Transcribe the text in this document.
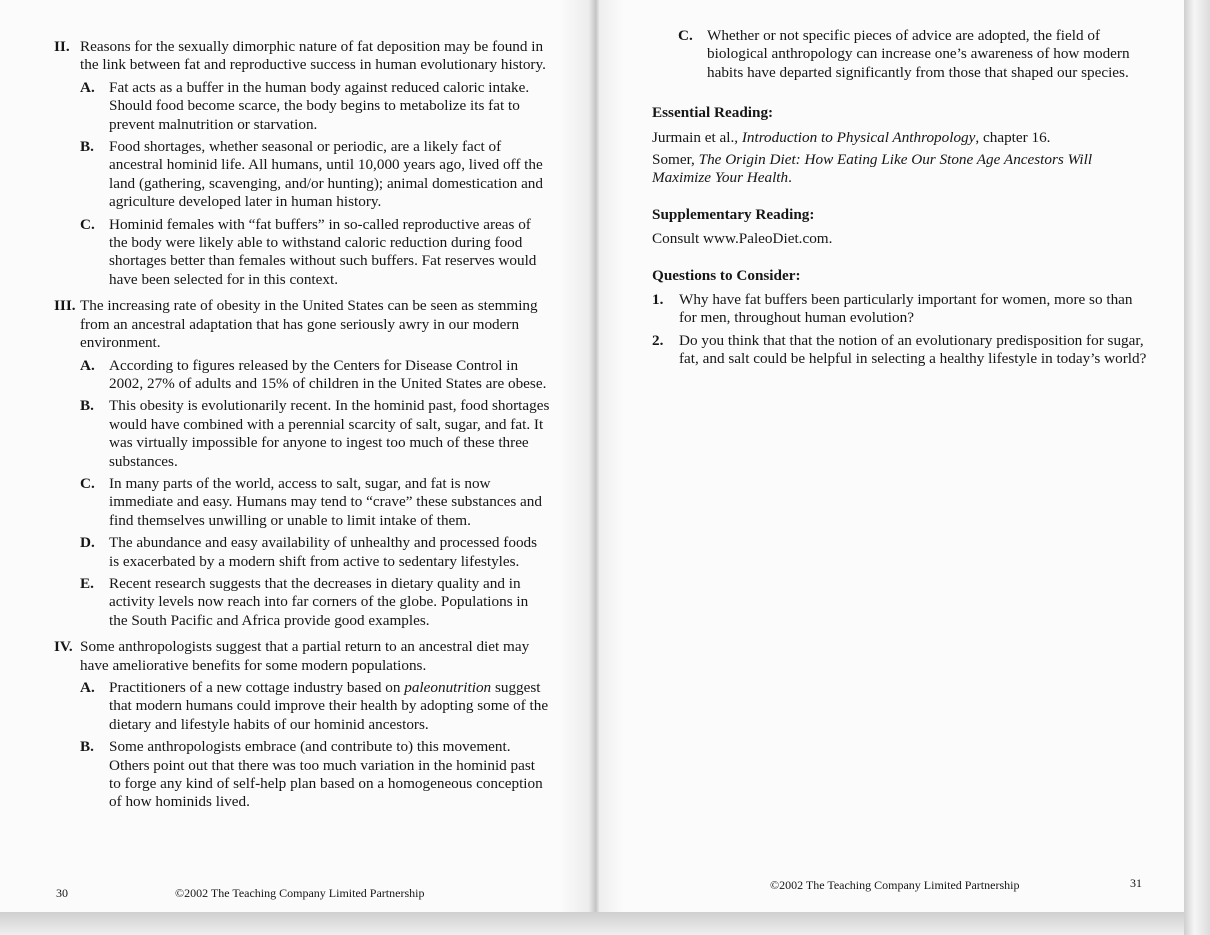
II. Reasons for the sexually dimorphic nature of fat deposition may be found in the link between fat and reproductive success in human evolutionary history.
A. Fat acts as a buffer in the human body against reduced caloric intake. Should food become scarce, the body begins to metabolize its fat to prevent malnutrition or starvation.
B. Food shortages, whether seasonal or periodic, are a likely fact of ancestral hominid life. All humans, until 10,000 years ago, lived off the land (gathering, scavenging, and/or hunting); animal domestication and agriculture developed later in human history.
C. Hominid females with “fat buffers” in so-called reproductive areas of the body were likely able to withstand caloric reduction during food shortages better than females without such buffers. Fat reserves would have been selected for in this context.
III. The increasing rate of obesity in the United States can be seen as stemming from an ancestral adaptation that has gone seriously awry in our modern environment.
A. According to figures released by the Centers for Disease Control in 2002, 27% of adults and 15% of children in the United States are obese.
B. This obesity is evolutionarily recent. In the hominid past, food shortages would have combined with a perennial scarcity of salt, sugar, and fat. It was virtually impossible for anyone to ingest too much of these three substances.
C. In many parts of the world, access to salt, sugar, and fat is now immediate and easy. Humans may tend to “crave” these substances and find themselves unwilling or unable to limit intake of them.
D. The abundance and easy availability of unhealthy and processed foods is exacerbated by a modern shift from active to sedentary lifestyles.
E. Recent research suggests that the decreases in dietary quality and in activity levels now reach into far corners of the globe. Populations in the South Pacific and Africa provide good examples.
IV. Some anthropologists suggest that a partial return to an ancestral diet may have ameliorative benefits for some modern populations.
A. Practitioners of a new cottage industry based on paleonutrition suggest that modern humans could improve their health by adopting some of the dietary and lifestyle habits of our hominid ancestors.
B. Some anthropologists embrace (and contribute to) this movement. Others point out that there was too much variation in the hominid past to forge any kind of self-help plan based on a homogeneous conception of how hominids lived.
30	©2002 The Teaching Company Limited Partnership
C. Whether or not specific pieces of advice are adopted, the field of biological anthropology can increase one’s awareness of how modern habits have departed significantly from those that shaped our species.
Essential Reading:
Jurmain et al., Introduction to Physical Anthropology, chapter 16.
Somer, The Origin Diet: How Eating Like Our Stone Age Ancestors Will Maximize Your Health.
Supplementary Reading:
Consult www.PaleoDiet.com.
Questions to Consider:
1.	Why have fat buffers been particularly important for women, more so than for men, throughout human evolution?
2.	Do you think that that the notion of an evolutionary predisposition for sugar, fat, and salt could be helpful in selecting a healthy lifestyle in today’s world?
©2002 The Teaching Company Limited Partnership	31
